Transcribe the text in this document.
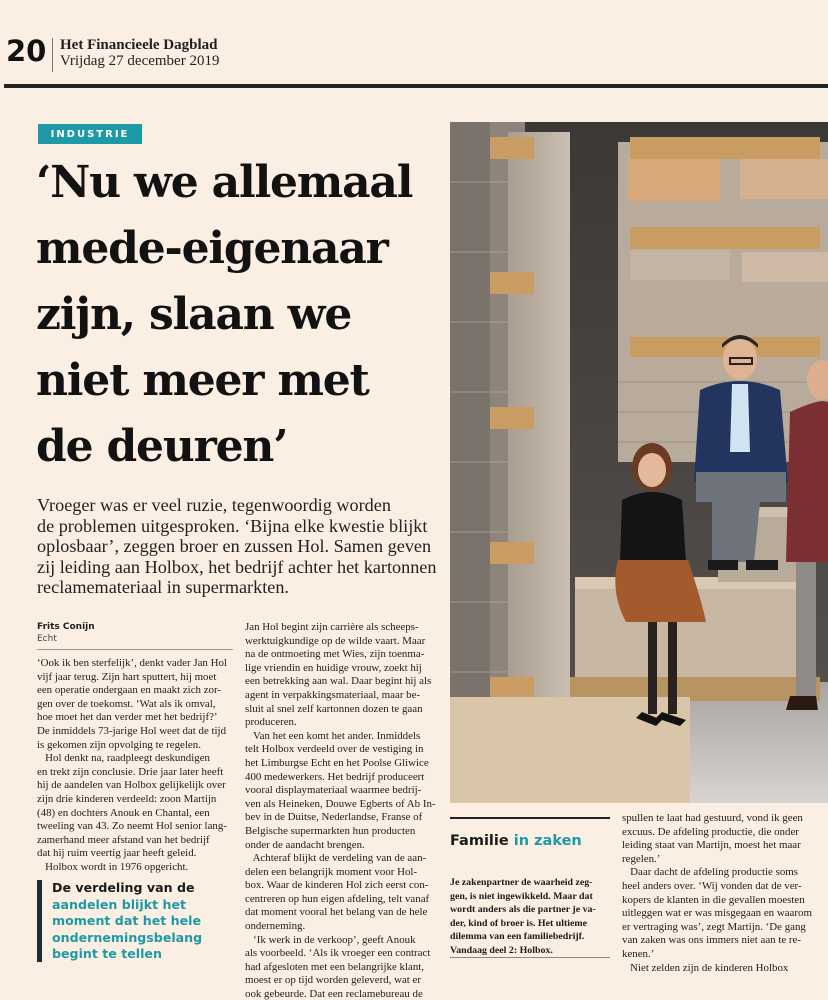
20 Het Financieele Dagblad
Vrijdag 27 december 2019
INDUSTRIE
‘Nu we allemaal
mede-eigenaar
zijn, slaan we
niet meer met
de deuren’
Vroeger was er veel ruzie, tegenwoordig worden
de problemen uitgesproken. ‘Bijna elke kwestie blijkt
oplosbaar’, zeggen broer en zussen Hol. Samen geven
zij leiding aan Holbox, het bedrijf achter het kartonnen
reclamemateriaal in supermarkten.
Frits Conijn
Echt
‘Ook ik ben sterfelijk’, denkt vader Jan Hol
vijf jaar terug. Zijn hart sputtert, hij moet
een operatie ondergaan en maakt zich zor-
gen over de toekomst. ‘Wat als ik omval,
hoe moet het dan verder met het bedrijf?’
De inmiddels 73-jarige Hol weet dat de tijd
is gekomen zijn opvolging te regelen.
Hol denkt na, raadpleegt deskundigen
en trekt zijn conclusie. Drie jaar later heeft
hij de aandelen van Holbox gelijkelijk over
zijn drie kinderen verdeeld: zoon Martijn
(48) en dochters Anouk en Chantal, een
tweeling van 43. Zo neemt Hol senior lang-
zamerhand meer afstand van het bedrijf
dat hij ruim veertig jaar heeft geleid.
Holbox wordt in 1976 opgericht.
Jan Hol begint zijn carrière als scheeps-
werktuigkundige op de wilde vaart. Maar
na de ontmoeting met Wies, zijn toenma-
lige vriendin en huidige vrouw, zoekt hij
een betrekking aan wal. Daar begint hij als
agent in verpakkingsmateriaal, maar be-
sluit al snel zelf kartonnen dozen te gaan
produceren.
Van het een komt het ander. Inmiddels
telt Holbox verdeeld over de vestiging in
het Limburgse Echt en het Poolse Gliwice
400 medewerkers. Het bedrijf produceert
vooral displaymateriaal waarmee bedrij-
ven als Heineken, Douwe Egberts of Ab In-
bev in de Duitse, Nederlandse, Franse of
Belgische supermarkten hun producten
onder de aandacht brengen.
Achteraf blijkt de verdeling van de aan-
delen een belangrijk moment voor Hol-
box. Waar de kinderen Hol zich eerst con-
centreren op hun eigen afdeling, telt vanaf
dat moment vooral het belang van de hele
onderneming.
‘Ik werk in de verkoop’, geeft Anouk
als voorbeeld. ‘Als ik vroeger een contract
had afgesloten met een belangrijke klant,
moest er op tijd worden geleverd, wat er
ook gebeurde. Dat een reclamebureau de
spullen te laat had gestuurd, vond ik geen
excuus. De afdeling productie, die onder
leiding staat van Martijn, moest het maar
regelen.’
Daar dacht de afdeling productie soms
heel anders over. ‘Wij vonden dat de ver-
kopers de klanten in die gevallen moesten
uitleggen wat er was misgegaan en waarom
er vertraging was’, zegt Martijn. ‘De gang
van zaken was ons immers niet aan te re-
kenen.’
Niet zelden zijn de kinderen Holbox
De verdeling van de
aandelen blijkt het
moment dat het hele
ondernemingsbelang
begint te tellen
Familie in zaken
Je zakenpartner de waarheid zeg-
gen, is niet ingewikkeld. Maar dat
wordt anders als die partner je va-
der, kind of broer is. Het ultieme
dilemma van een familiebedrijf.
Vandaag deel 2: Holbox.
